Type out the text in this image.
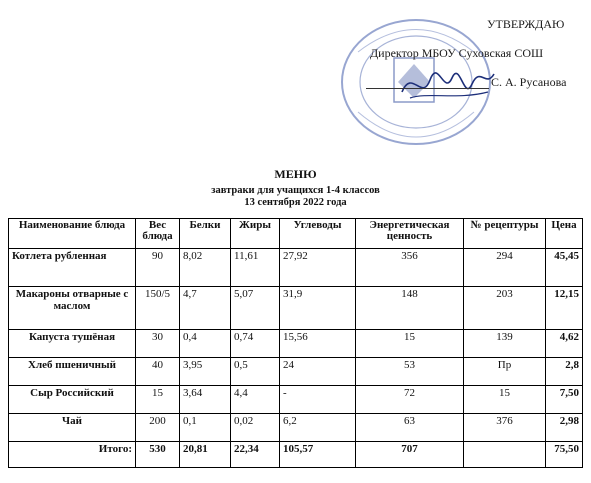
УТВЕРЖДАЮ
Директор МБОУ Суховская СОШ
С. А. Русанова
МЕНЮ
завтраки для учащихся 1-4 классов
13 сентября 2022 года
Наименование блюда	Вес блюда	Белки	Жиры	Углеводы	Энергетическая ценность	№ рецептуры	Цена
Котлета рубленная	90	8,02	11,61	27,92	356	294	45,45
Макароны отварные с маслом	150/5	4,7	5,07	31,9	148	203	12,15
Капуста тушёная	30	0,4	0,74	15,56	15	139	4,62
Хлеб пшеничный	40	3,95	0,5	24	53	Пр	2,8
Сыр Российский	15	3,64	4,4	-	72	15	7,50
Чай	200	0,1	0,02	6,2	63	376	2,98
Итого:	530	20,81	22,34	105,57	707		75,50
